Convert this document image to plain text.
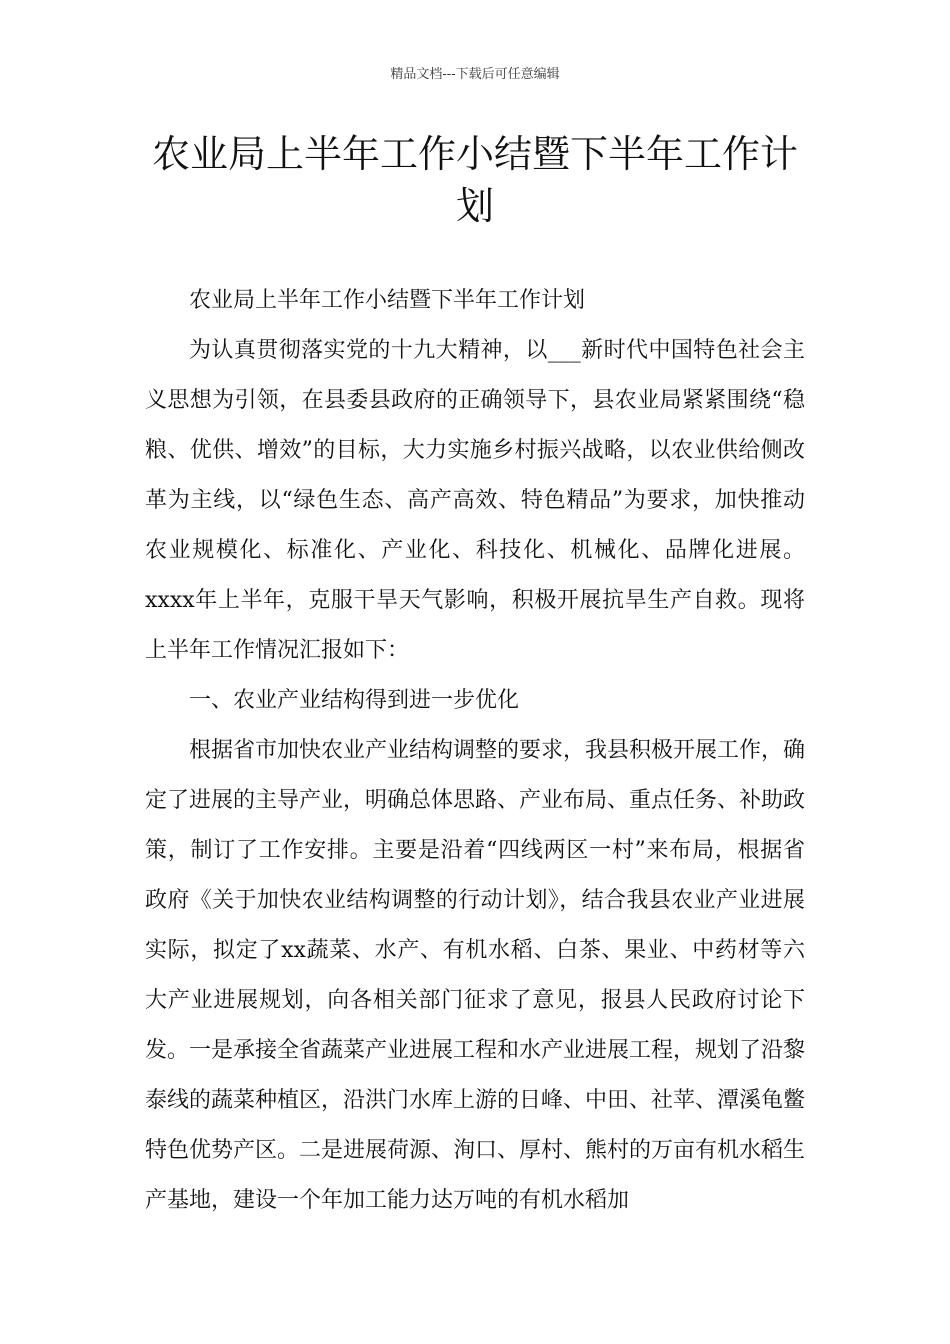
精品文档---下载后可任意编辑
农业局上半年工作小结暨下半年工作计
划

农业局上半年工作小结暨下半年工作计划

为认真贯彻落实党的十九大精神，以___新时代中国特色社会主义思想为引领，在县委县政府的正确领导下，县农业局紧紧围绕“稳粮、优供、增效”的目标，大力实施乡村振兴战略，以农业供给侧改革为主线，以“绿色生态、高产高效、特色精品”为要求，加快推动农业规模化、标准化、产业化、科技化、机械化、品牌化进展。xxxx年上半年，克服干旱天气影响，积极开展抗旱生产自救。现将上半年工作情况汇报如下：

一、农业产业结构得到进一步优化

根据省市加快农业产业结构调整的要求，我县积极开展工作，确定了进展的主导产业，明确总体思路、产业布局、重点任务、补助政策，制订了工作安排。主要是沿着“四线两区一村”来布局，根据省政府《关于加快农业结构调整的行动计划》，结合我县农业产业进展实际，拟定了xx蔬菜、水产、有机水稻、白茶、果业、中药材等六大产业进展规划，向各相关部门征求了意见，报县人民政府讨论下发。一是承接全省蔬菜产业进展工程和水产业进展工程，规划了沿黎泰线的蔬菜种植区，沿洪门水库上游的日峰、中田、社苹、潭溪龟鳖特色优势产区。二是进展荷源、洵口、厚村、熊村的万亩有机水稻生产基地，建设一个年加工能力达万吨的有机水稻加
